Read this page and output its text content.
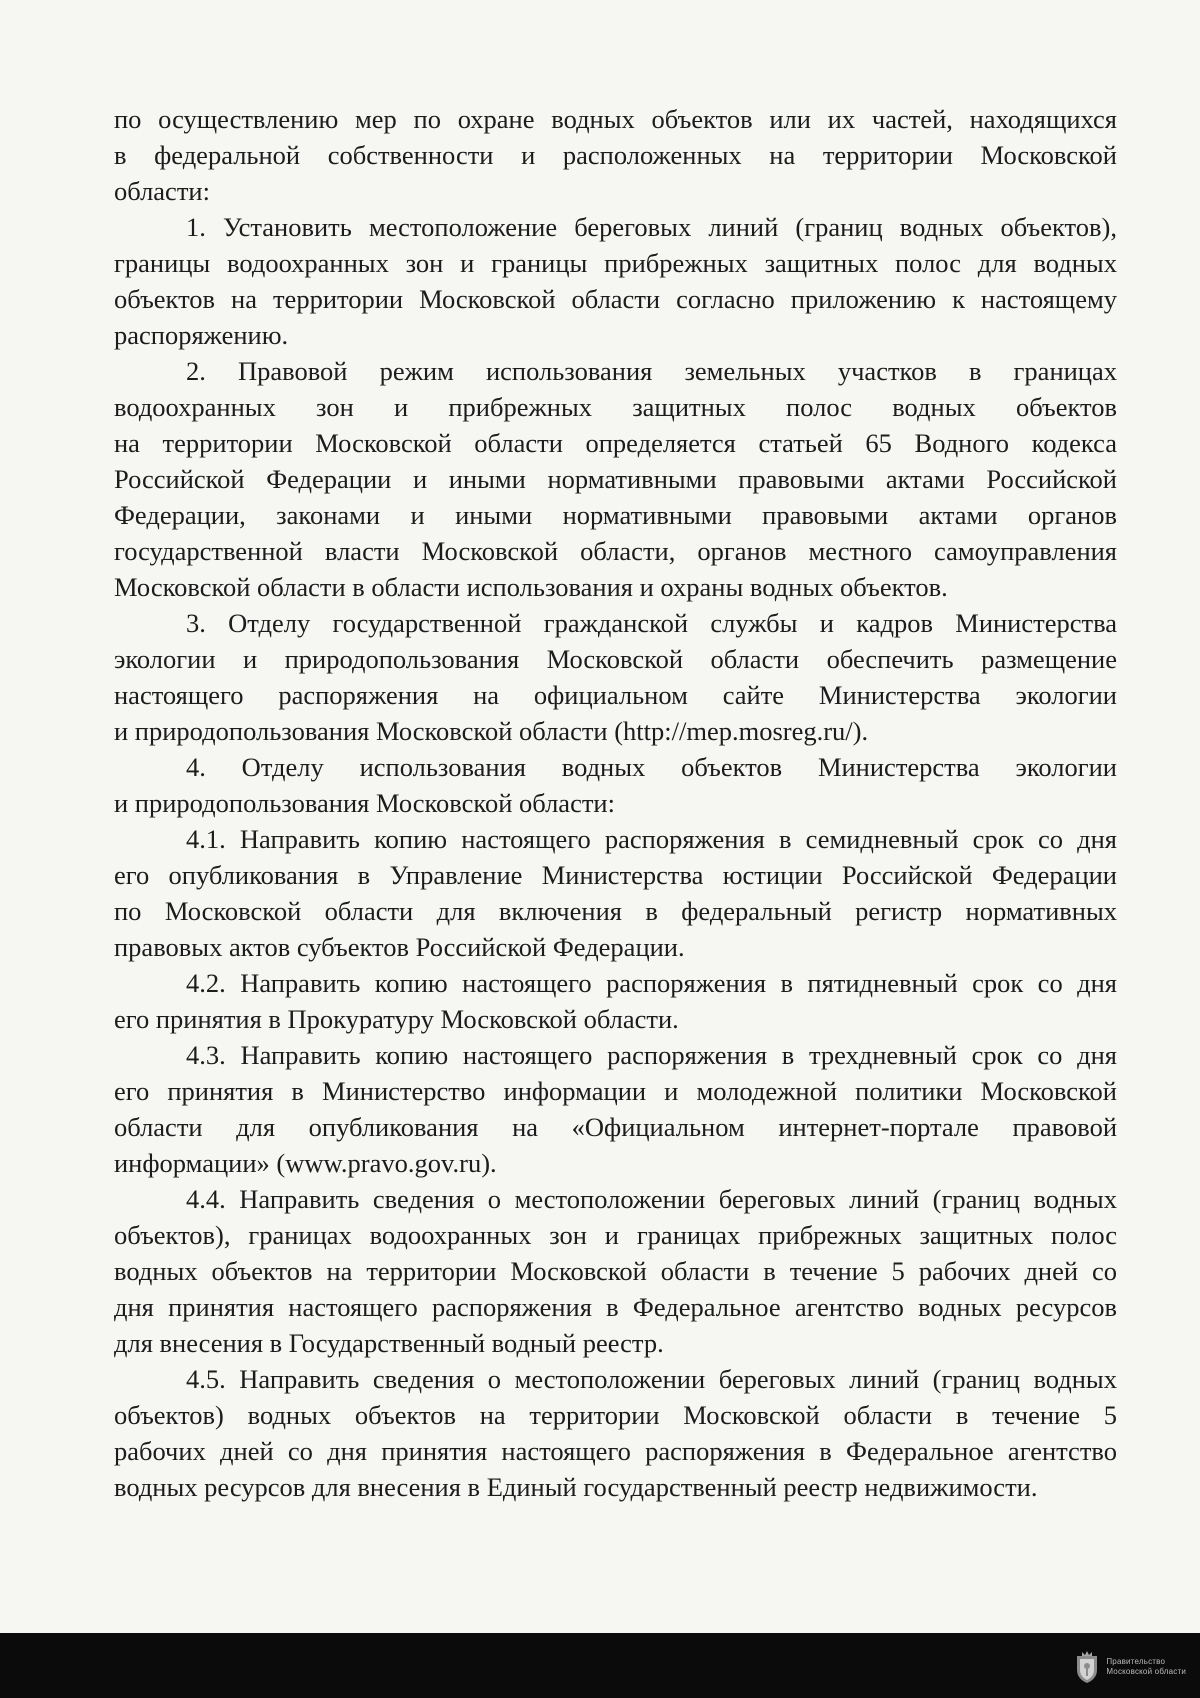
по осуществлению мер по охране водных объектов или их частей, находящихся
в федеральной собственности и расположенных на территории Московской
области:
1. Установить местоположение береговых линий (границ водных объектов),
границы водоохранных зон и границы прибрежных защитных полос для водных
объектов на территории Московской области согласно приложению к настоящему
распоряжению.
2. Правовой режим использования земельных участков в границах
водоохранных зон и прибрежных защитных полос водных объектов
на территории Московской области определяется статьей 65 Водного кодекса
Российской Федерации и иными нормативными правовыми актами Российской
Федерации, законами и иными нормативными правовыми актами органов
государственной власти Московской области, органов местного самоуправления
Московской области в области использования и охраны водных объектов.
3. Отделу государственной гражданской службы и кадров Министерства
экологии и природопользования Московской области обеспечить размещение
настоящего распоряжения на официальном сайте Министерства экологии
и природопользования Московской области (http://mep.mosreg.ru/).
4. Отделу использования водных объектов Министерства экологии
и природопользования Московской области:
4.1. Направить копию настоящего распоряжения в семидневный срок со дня
его опубликования в Управление Министерства юстиции Российской Федерации
по Московской области для включения в федеральный регистр нормативных
правовых актов субъектов Российской Федерации.
4.2. Направить копию настоящего распоряжения в пятидневный срок со дня
его принятия в Прокуратуру Московской области.
4.3. Направить копию настоящего распоряжения в трехдневный срок со дня
его принятия в Министерство информации и молодежной политики Московской
области для опубликования на «Официальном интернет-портале правовой
информации» (www.pravo.gov.ru).
4.4. Направить сведения о местоположении береговых линий (границ водных
объектов), границах водоохранных зон и границах прибрежных защитных полос
водных объектов на территории Московской области в течение 5 рабочих дней со
дня принятия настоящего распоряжения в Федеральное агентство водных ресурсов
для внесения в Государственный водный реестр.
4.5. Направить сведения о местоположении береговых линий (границ водных
объектов) водных объектов на территории Московской области в течение 5
рабочих дней со дня принятия настоящего распоряжения в Федеральное агентство
водных ресурсов для внесения в Единый государственный реестр недвижимости.
Правительство
Московской области
